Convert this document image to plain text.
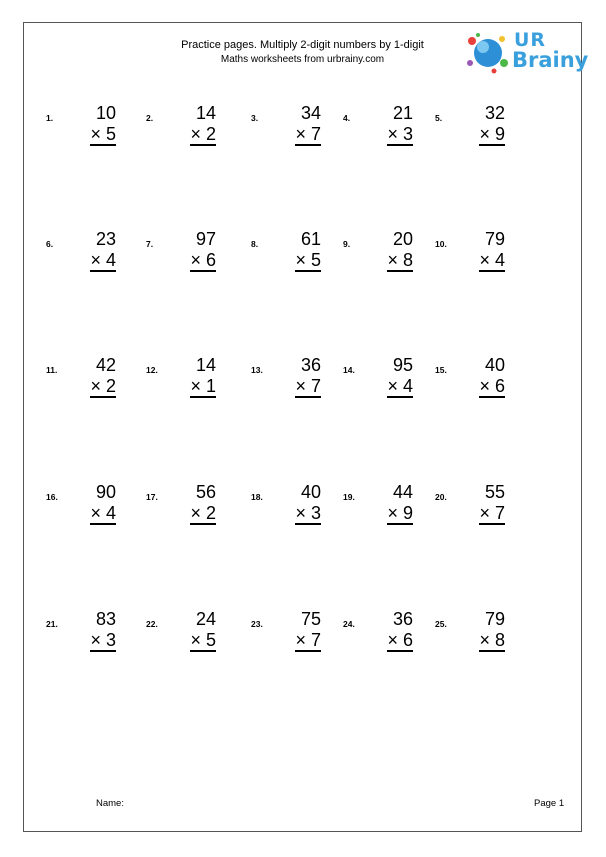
Practice pages. Multiply 2-digit numbers by 1-digit
Maths worksheets from urbrainy.com
UR
Brainy
1. 10
× 5
2. 14
× 2
3. 34
× 7
4. 21
× 3
5. 32
× 9
6. 23
× 4
7. 97
× 6
8. 61
× 5
9. 20
× 8
10. 79
× 4
11. 42
× 2
12. 14
× 1
13. 36
× 7
14. 95
× 4
15. 40
× 6
16. 90
× 4
17. 56
× 2
18. 40
× 3
19. 44
× 9
20. 55
× 7
21. 83
× 3
22. 24
× 5
23. 75
× 7
24. 36
× 6
25. 79
× 8
Name:	Page 1
